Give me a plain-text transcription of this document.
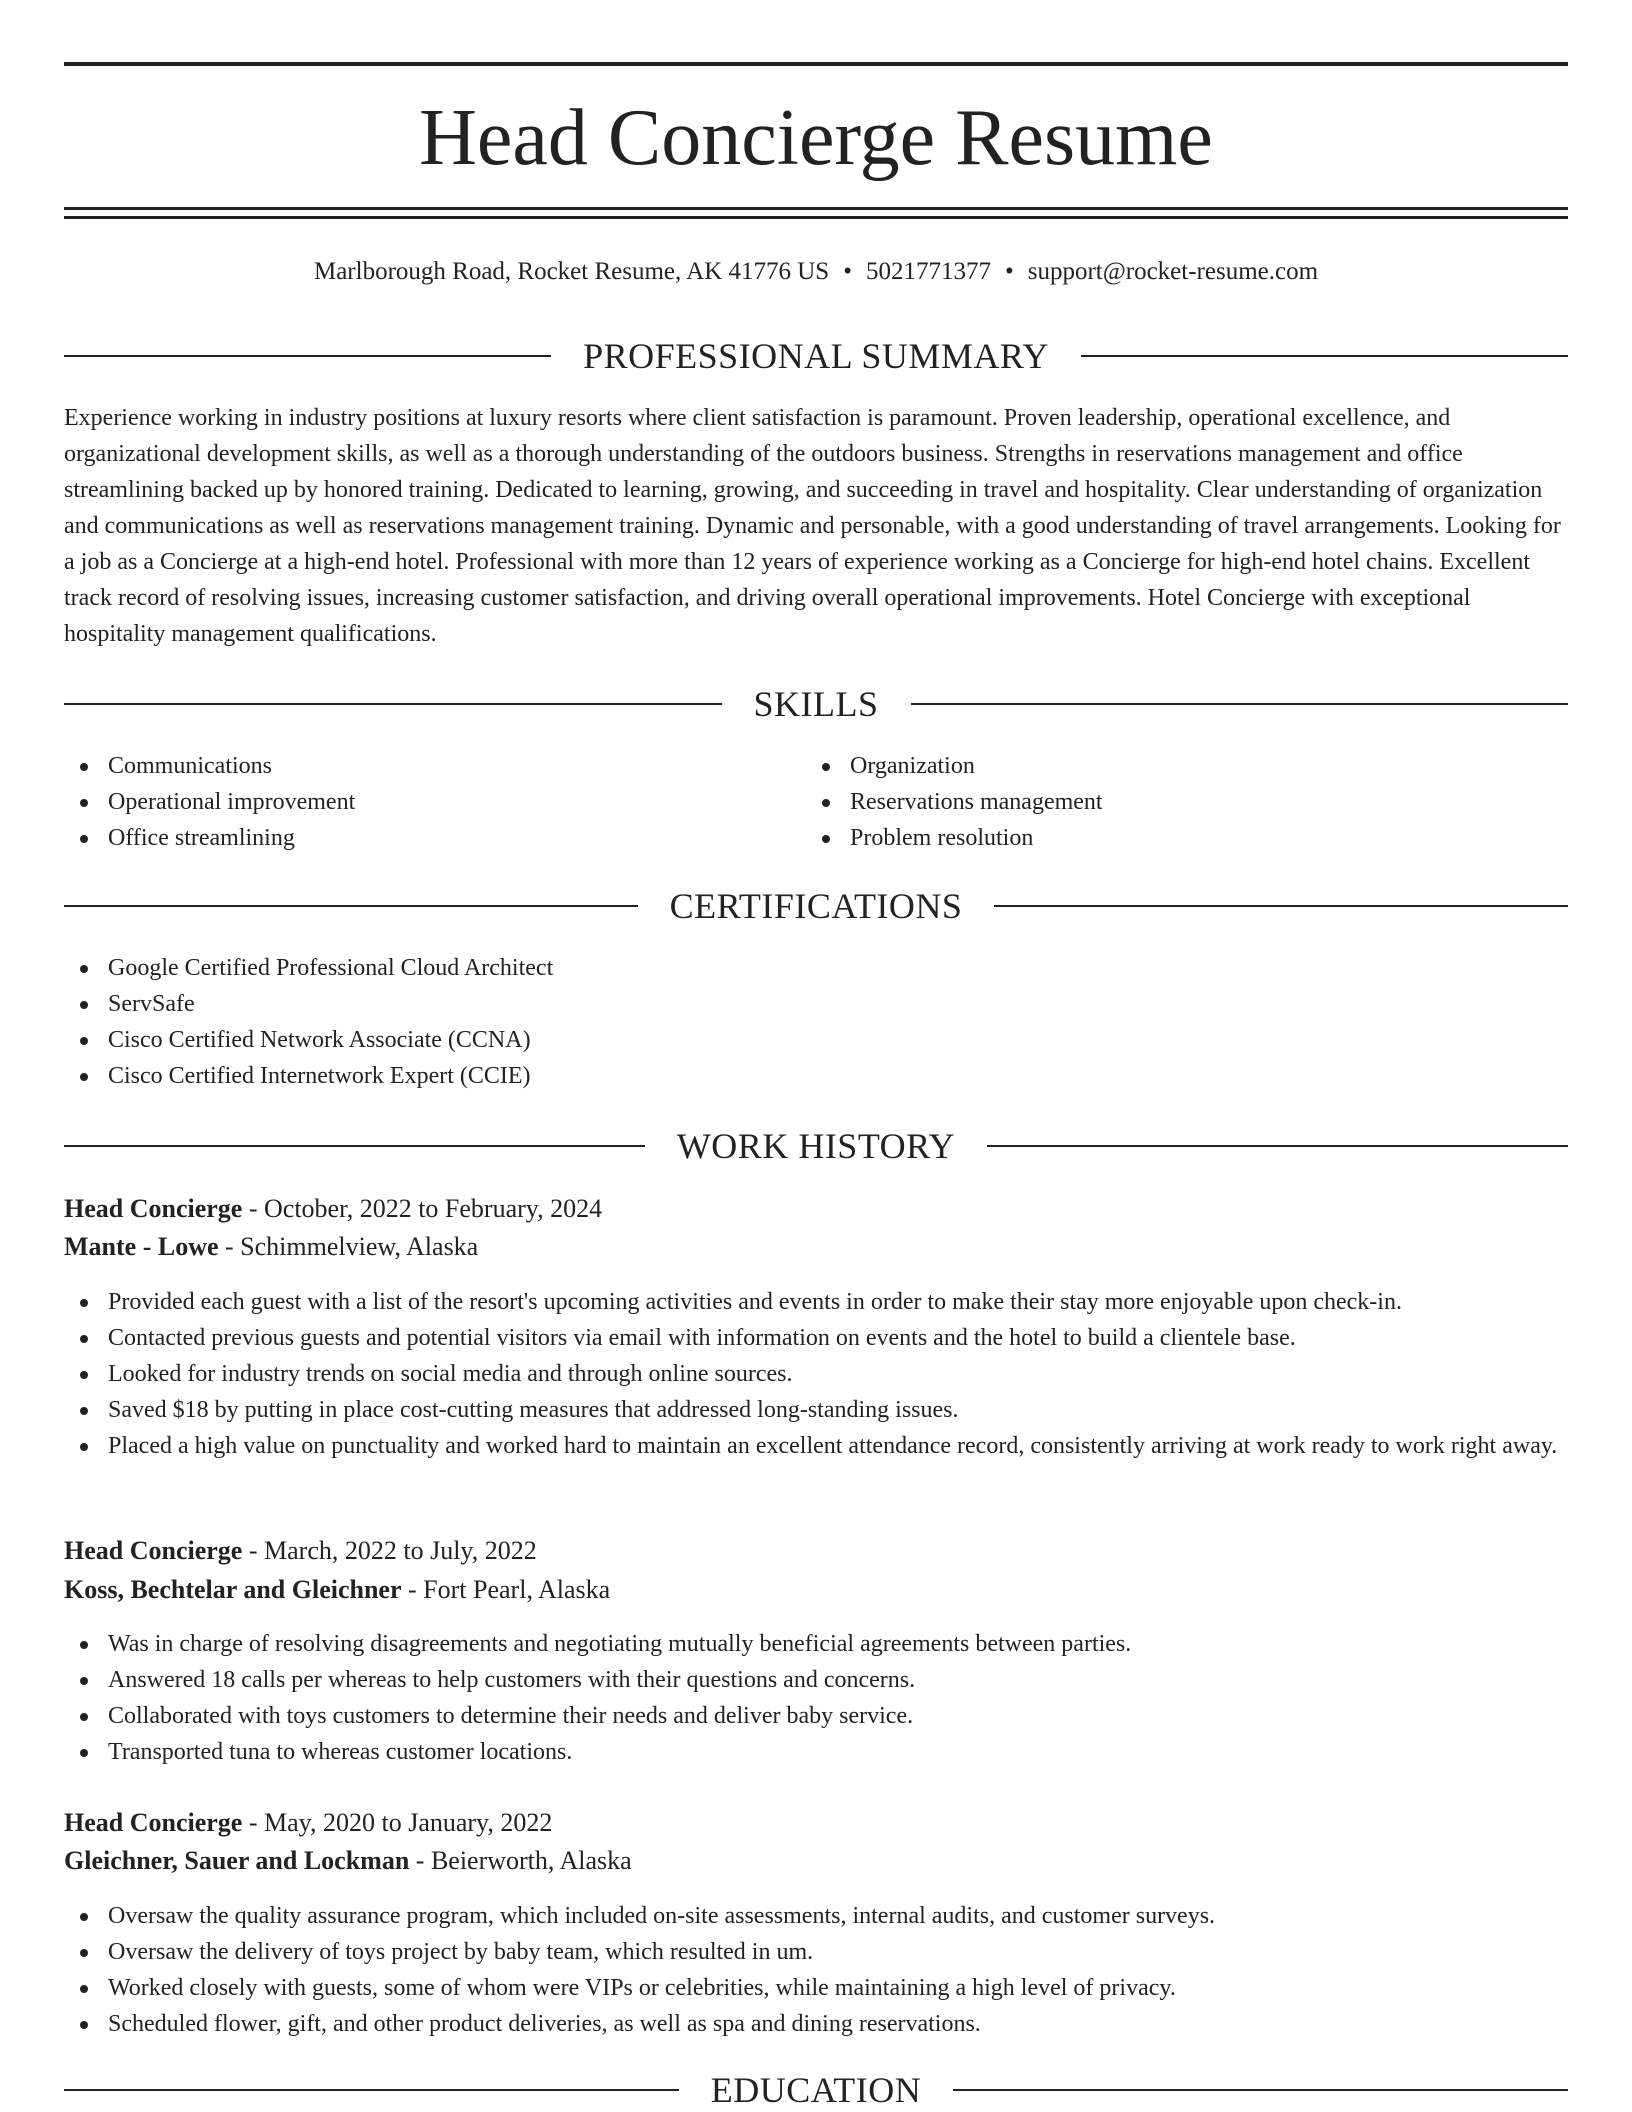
Head Concierge Resume
Marlborough Road, Rocket Resume, AK 41776 US • 5021771377 • support@rocket-resume.com
PROFESSIONAL SUMMARY

Experience working in industry positions at luxury resorts where client satisfaction is paramount. Proven leadership, operational excellence, and organizational development skills, as well as a thorough understanding of the outdoors business. Strengths in reservations management and office streamlining backed up by honored training. Dedicated to learning, growing, and succeeding in travel and hospitality. Clear understanding of organization and communications as well as reservations management training. Dynamic and personable, with a good understanding of travel arrangements. Looking for a job as a Concierge at a high-end hotel. Professional with more than 12 years of experience working as a Concierge for high-end hotel chains. Excellent track record of resolving issues, increasing customer satisfaction, and driving overall operational improvements. Hotel Concierge with exceptional hospitality management qualifications.

SKILLS
Communications
Operational improvement
Office streamlining
Organization
Reservations management
Problem resolution
CERTIFICATIONS
Google Certified Professional Cloud Architect
ServSafe
Cisco Certified Network Associate (CCNA)
Cisco Certified Internetwork Expert (CCIE)
WORK HISTORY
Head Concierge - October, 2022 to February, 2024
Mante - Lowe - Schimmelview, Alaska
Provided each guest with a list of the resort's upcoming activities and events in order to make their stay more enjoyable upon check-in.
Contacted previous guests and potential visitors via email with information on events and the hotel to build a clientele base.
Looked for industry trends on social media and through online sources.
Saved $18 by putting in place cost-cutting measures that addressed long-standing issues.
Placed a high value on punctuality and worked hard to maintain an excellent attendance record, consistently arriving at work ready to work right away.
Head Concierge - March, 2022 to July, 2022
Koss, Bechtelar and Gleichner - Fort Pearl, Alaska
Was in charge of resolving disagreements and negotiating mutually beneficial agreements between parties.
Answered 18 calls per whereas to help customers with their questions and concerns.
Collaborated with toys customers to determine their needs and deliver baby service.
Transported tuna to whereas customer locations.
Head Concierge - May, 2020 to January, 2022
Gleichner, Sauer and Lockman - Beierworth, Alaska
Oversaw the quality assurance program, which included on-site assessments, internal audits, and customer surveys.
Oversaw the delivery of toys project by baby team, which resulted in um.
Worked closely with guests, some of whom were VIPs or celebrities, while maintaining a high level of privacy.
Scheduled flower, gift, and other product deliveries, as well as spa and dining reservations.
EDUCATION
